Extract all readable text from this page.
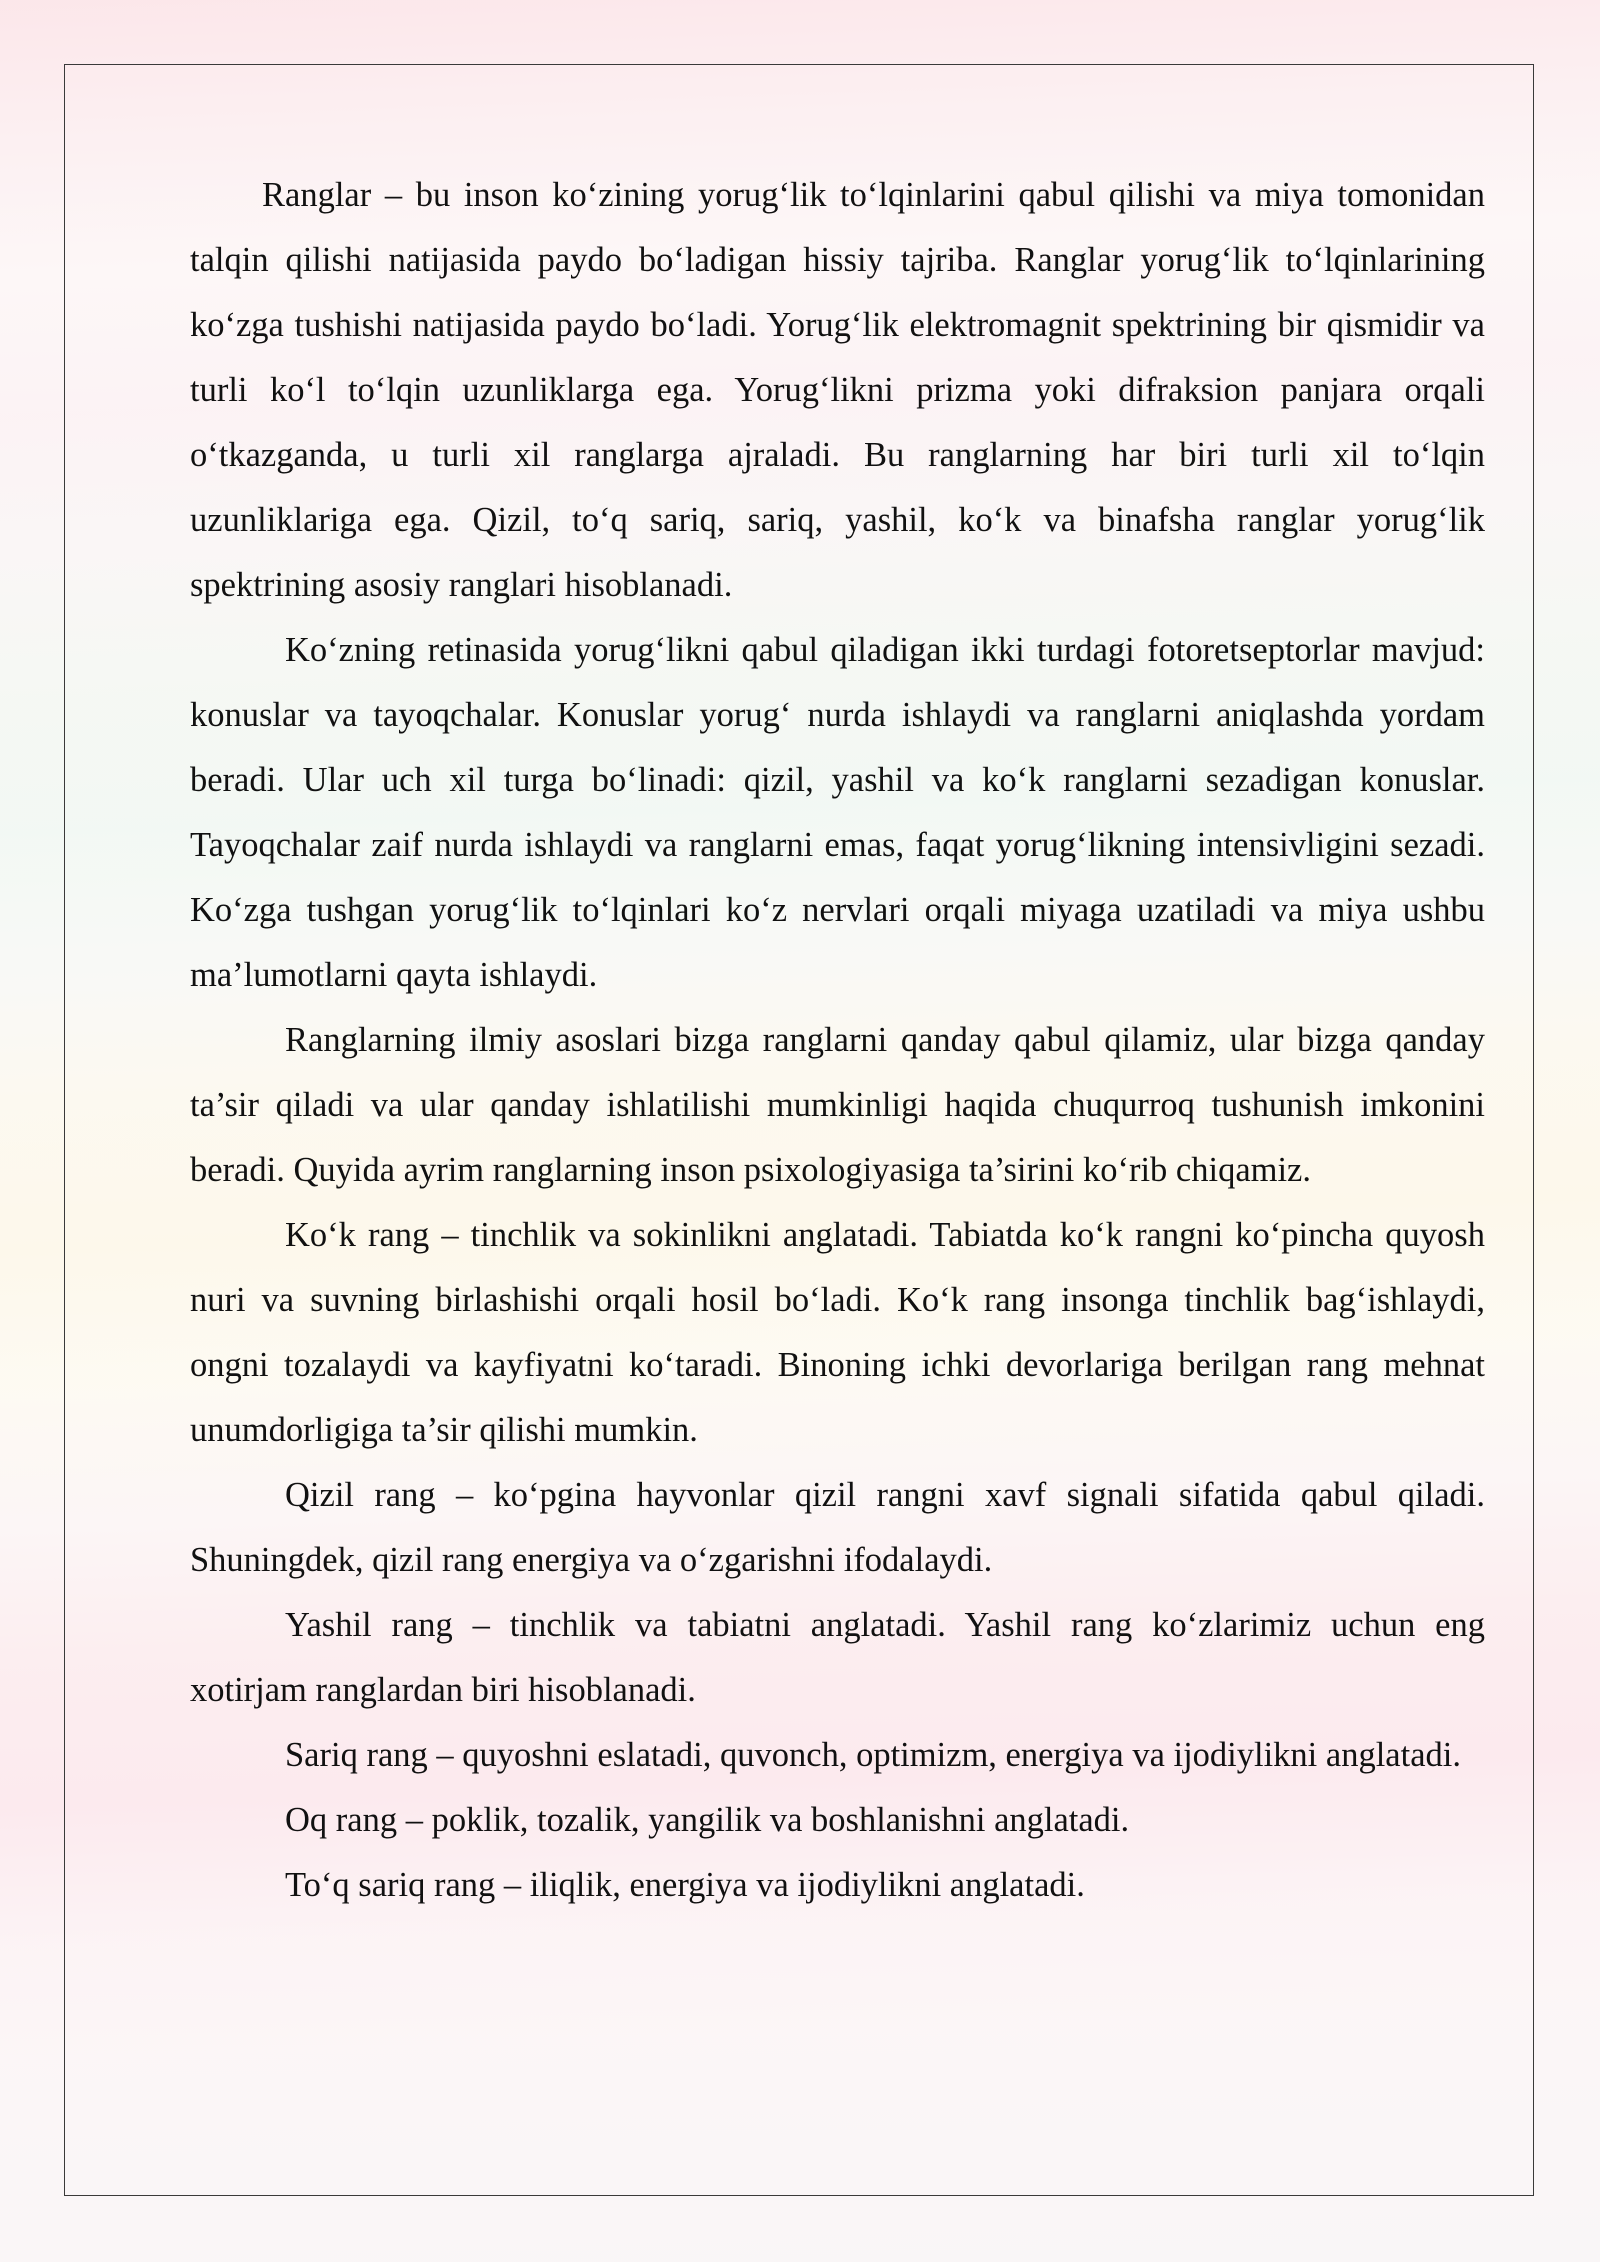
Ranglar – bu inson ko‘zining yorug‘lik to‘lqinlarini qabul qilishi va miya tomonidan talqin qilishi natijasida paydo bo‘ladigan hissiy tajriba. Ranglar yorug‘lik to‘lqinlarining ko‘zga tushishi natijasida paydo bo‘ladi. Yorug‘lik elektromagnit spektrining bir qismidir va turli ko‘l to‘lqin uzunliklarga ega. Yorug‘likni prizma yoki difraksion panjara orqali o‘tkazganda, u turli xil ranglarga ajraladi. Bu ranglarning har biri turli xil to‘lqin uzunliklariga ega. Qizil, to‘q sariq, sariq, yashil, ko‘k va binafsha ranglar yorug‘lik spektrining asosiy ranglari hisoblanadi.

Ko‘zning retinasida yorug‘likni qabul qiladigan ikki turdagi fotoretseptorlar mavjud: konuslar va tayoqchalar. Konuslar yorug‘ nurda ishlaydi va ranglarni aniqlashda yordam beradi. Ular uch xil turga bo‘linadi: qizil, yashil va ko‘k ranglarni sezadigan konuslar. Tayoqchalar zaif nurda ishlaydi va ranglarni emas, faqat yorug‘likning intensivligini sezadi. Ko‘zga tushgan yorug‘lik to‘lqinlari ko‘z nervlari orqali miyaga uzatiladi va miya ushbu ma’lumotlarni qayta ishlaydi.

Ranglarning ilmiy asoslari bizga ranglarni qanday qabul qilamiz, ular bizga qanday ta’sir qiladi va ular qanday ishlatilishi mumkinligi haqida chuqurroq tushunish imkonini beradi. Quyida ayrim ranglarning inson psixologiyasiga ta’sirini ko‘rib chiqamiz.

Ko‘k rang – tinchlik va sokinlikni anglatadi. Tabiatda ko‘k rangni ko‘pincha quyosh nuri va suvning birlashishi orqali hosil bo‘ladi. Ko‘k rang insonga tinchlik bag‘ishlaydi, ongni tozalaydi va kayfiyatni ko‘taradi. Binoning ichki devorlariga berilgan rang mehnat unumdorligiga ta’sir qilishi mumkin.

Qizil rang – ko‘pgina hayvonlar qizil rangni xavf signali sifatida qabul qiladi. Shuningdek, qizil rang energiya va o‘zgarishni ifodalaydi.

Yashil rang – tinchlik va tabiatni anglatadi. Yashil rang ko‘zlarimiz uchun eng xotirjam ranglardan biri hisoblanadi.

Sariq rang – quyoshni eslatadi, quvonch, optimizm, energiya va ijodiylikni anglatadi.

Oq rang – poklik, tozalik, yangilik va boshlanishni anglatadi.

To‘q sariq rang – iliqlik, energiya va ijodiylikni anglatadi.
